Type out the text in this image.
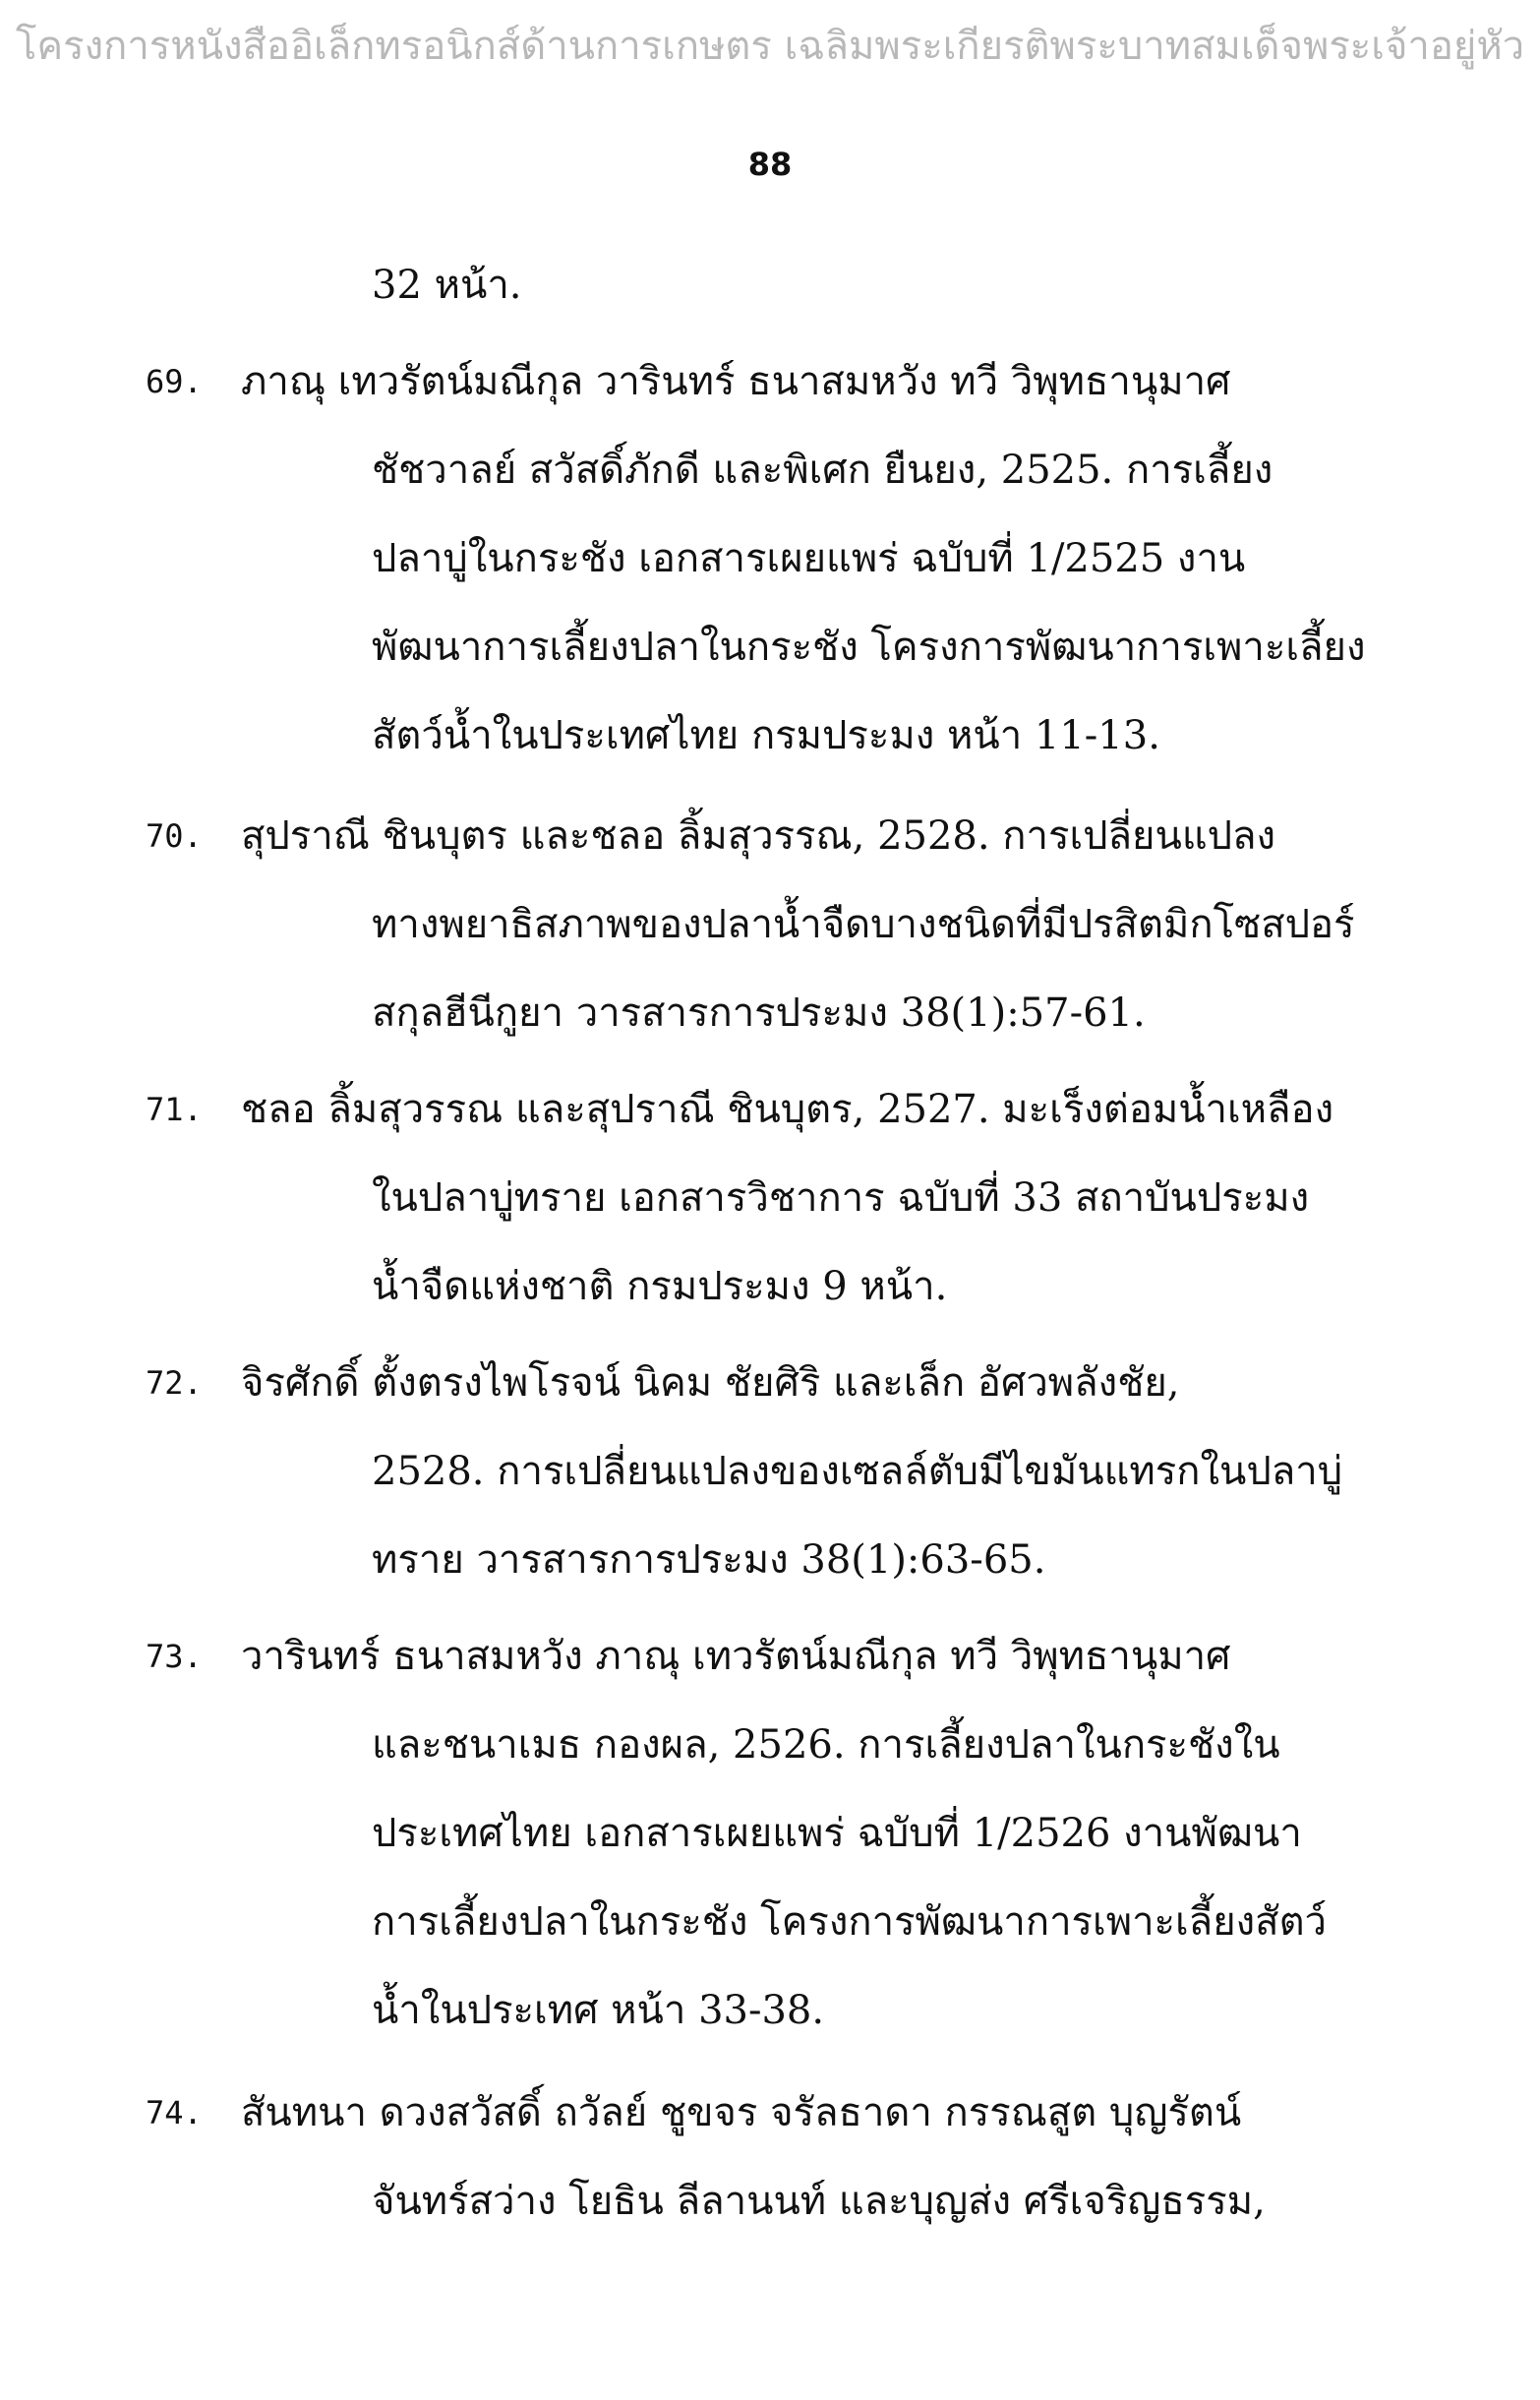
โครงการหนังสืออิเล็กทรอนิกส์ด้านการเกษตร เฉลิมพระเกียรติพระบาทสมเด็จพระเจ้าอยู่หัว
88
32 หน้า.
69. ภาณุ เทวรัตน์มณีกุล วารินทร์ ธนาสมหวัง ทวี วิพุทธานุมาศ
ชัชวาลย์ สวัสดิ์ภักดี และพิเศก ยืนยง, 2525. การเลี้ยง
ปลาบู่ในกระชัง เอกสารเผยแพร่ ฉบับที่ 1/2525 งาน
พัฒนาการเลี้ยงปลาในกระชัง โครงการพัฒนาการเพาะเลี้ยง
สัตว์น้ำในประเทศไทย กรมประมง หน้า 11-13.
70. สุปราณี ชินบุตร และชลอ ลิ้มสุวรรณ, 2528. การเปลี่ยนแปลง
ทางพยาธิสภาพของปลาน้ำจืดบางชนิดที่มีปรสิตมิกโซสปอร์
สกุลฮีนีกูยา วารสารการประมง 38(1):57-61.
71. ชลอ ลิ้มสุวรรณ และสุปราณี ชินบุตร, 2527. มะเร็งต่อมน้ำเหลือง
ในปลาบู่ทราย เอกสารวิชาการ ฉบับที่ 33 สถาบันประมง
น้ำจืดแห่งชาติ กรมประมง 9 หน้า.
72. จิรศักดิ์ ตั้งตรงไพโรจน์ นิคม ชัยศิริ และเล็ก อัศวพลังชัย,
2528. การเปลี่ยนแปลงของเซลล์ตับมีไขมันแทรกในปลาบู่
ทราย วารสารการประมง 38(1):63-65.
73. วารินทร์ ธนาสมหวัง ภาณุ เทวรัตน์มณีกุล ทวี วิพุทธานุมาศ
และชนาเมธ กองผล, 2526. การเลี้ยงปลาในกระชังใน
ประเทศไทย เอกสารเผยแพร่ ฉบับที่ 1/2526 งานพัฒนา
การเลี้ยงปลาในกระชัง โครงการพัฒนาการเพาะเลี้ยงสัตว์
น้ำในประเทศ หน้า 33-38.
74. สันทนา ดวงสวัสดิ์ ถวัลย์ ชูขจร จรัลธาดา กรรณสูต บุญรัตน์
จันทร์สว่าง โยธิน ลีลานนท์ และบุญส่ง ศรีเจริญธรรม,
